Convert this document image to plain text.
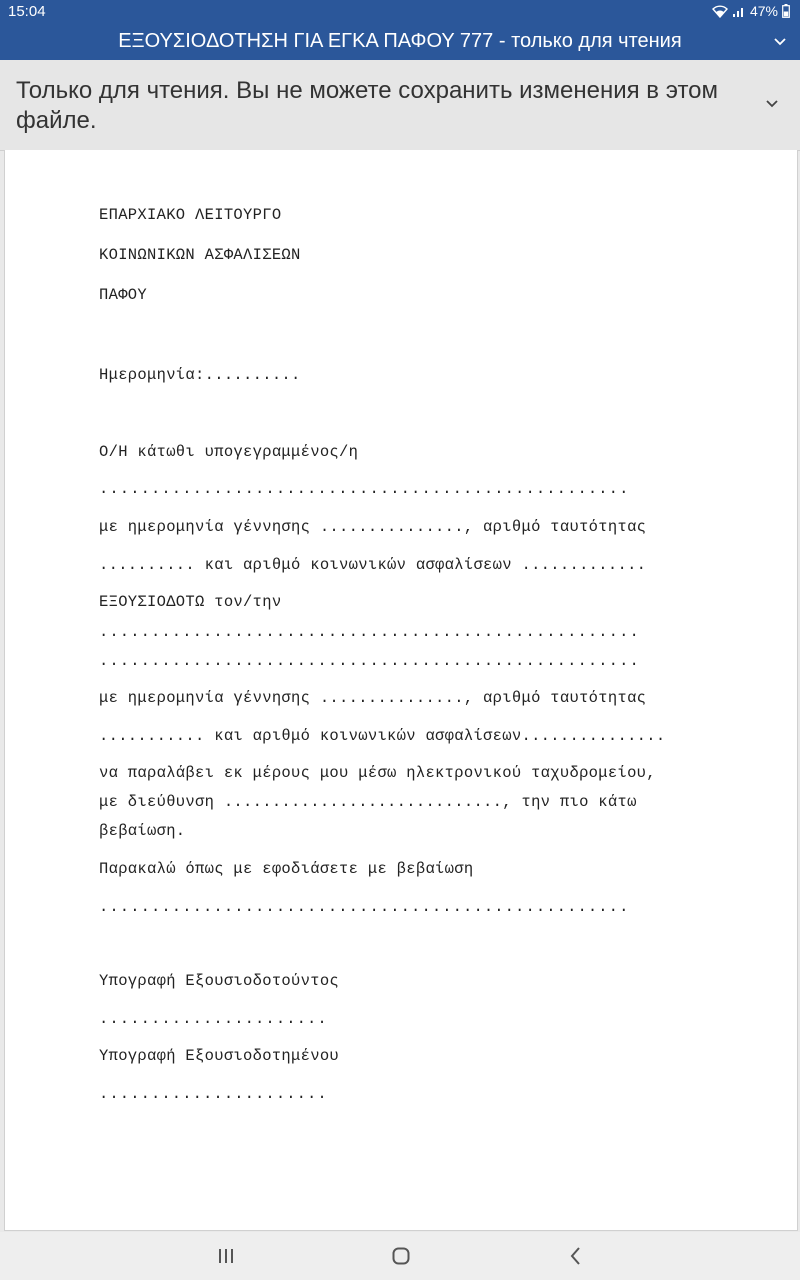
15:04	47%
ΕΞΟΥΣΙΟΔΟΤΗΣΗ ΓΙΑ ΕΓΚΑ ΠΑΦΟΥ 777 - только для чтения
Только для чтения. Вы не можете сохранить изменения в этом файле.

ΕΠΑΡΧΙΑΚΟ ΛΕΙΤΟΥΡΓΟ

ΚΟΙΝΩΝΙΚΩΝ ΑΣΦΑΛΙΣΕΩΝ

ΠΑΦΟΥ

Ημερομηνία:..........

Ο/Η κάτωθι υπογεγραμμένος/η

...................................................

με ημερομηνία γέννησης ..............., αριθμό ταυτότητας

.......... και αριθμό κοινωνικών ασφαλίσεων .............

ΕΞΟΥΣΙΟΔΟΤΩ τον/την

....................................................

....................................................

με ημερομηνία γέννησης ..............., αριθμό ταυτότητας

........... και αριθμό κοινωνικών ασφαλίσεων...............

να παραλάβει εκ μέρους μου μέσω ηλεκτρονικού ταχυδρομείου,

με διεύθυνση ............................., την πιο κάτω

βεβαίωση.

Παρακαλώ όπως με εφοδιάσετε με βεβαίωση

...................................................

Υπογραφή Εξουσιοδοτούντος

......................

Υπογραφή Εξουσιοδοτημένου

......................
